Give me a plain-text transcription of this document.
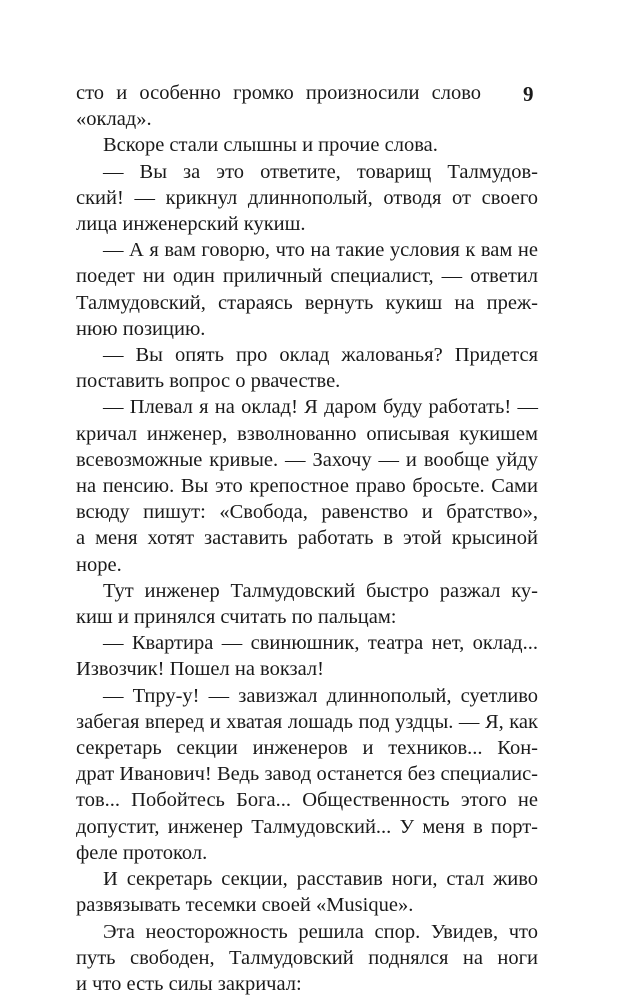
9
сто и особенно громко произносили слово
«оклад».
Вскоре стали слышны и прочие слова.
— Вы за это ответите, товарищ Талмудов-
ский! — крикнул длиннополый, отводя от своего
лица инженерский кукиш.
— А я вам говорю, что на такие условия к вам не
поедет ни один приличный специалист, — ответил
Талмудовский, стараясь вернуть кукиш на преж-
нюю позицию.
— Вы опять про оклад жалованья? Придется
поставить вопрос о рвачестве.
— Плевал я на оклад! Я даром буду работать! —
кричал инженер, взволнованно описывая кукишем
всевозможные кривые. — Захочу — и вообще уйду
на пенсию. Вы это крепостное право бросьте. Сами
всюду пишут: «Свобода, равенство и братство»,
а меня хотят заставить работать в этой крысиной
норе.
Тут инженер Талмудовский быстро разжал ку-
киш и принялся считать по пальцам:
— Квартира — свинюшник, театра нет, оклад...
Извозчик! Пошел на вокзал!
— Тпру-у! — завизжал длиннополый, суетливо
забегая вперед и хватая лошадь под уздцы. — Я, как
секретарь секции инженеров и техников... Кон-
драт Иванович! Ведь завод останется без специалис-
тов... Побойтесь Бога... Общественность этого не
допустит, инженер Талмудовский... У меня в порт-
феле протокол.
И секретарь секции, расставив ноги, стал живо
развязывать тесемки своей «Musique».
Эта неосторожность решила спор. Увидев, что
путь свободен, Талмудовский поднялся на ноги
и что есть силы закричал:
